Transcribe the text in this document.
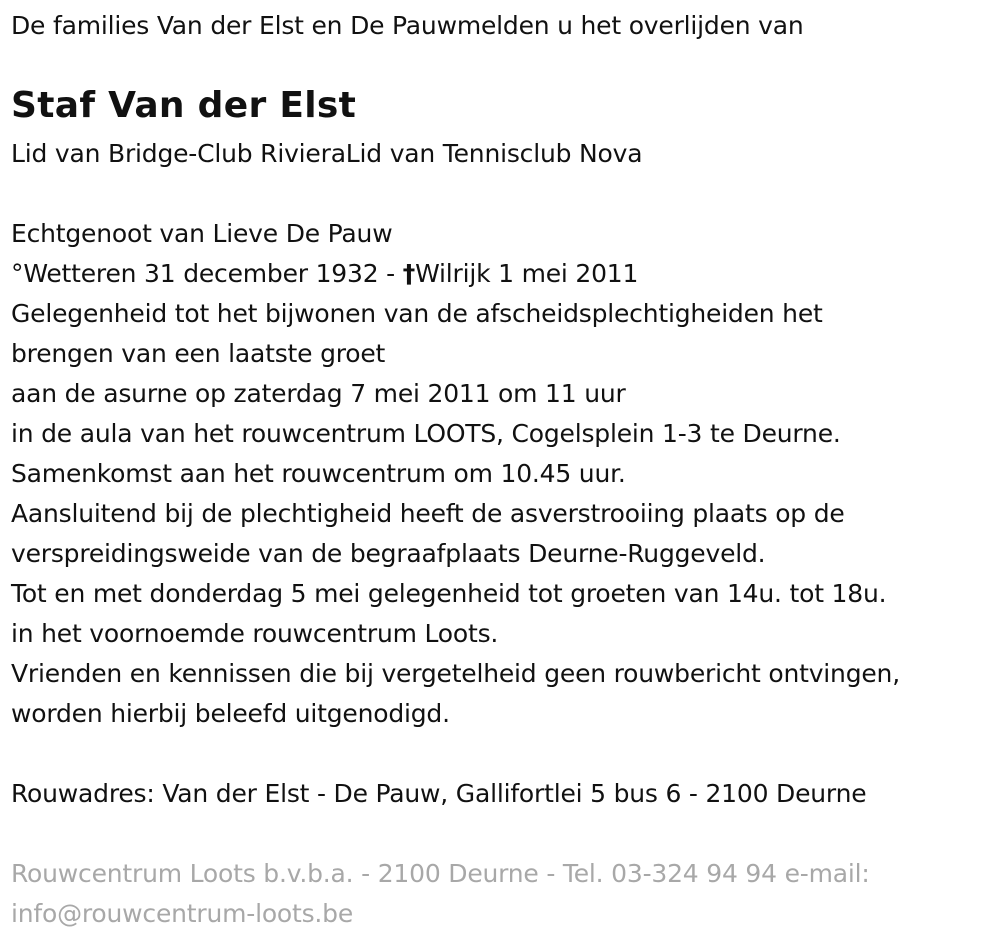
De families Van der Elst en De Pauwmelden u het overlijden van
Staf Van der Elst
Lid van Bridge-Club RivieraLid van Tennisclub Nova
Echtgenoot van Lieve De Pauw
°Wetteren 31 december 1932 - †Wilrijk 1 mei 2011
Gelegenheid tot het bijwonen van de afscheidsplechtigheiden het
brengen van een laatste groet
aan de asurne op zaterdag 7 mei 2011 om 11 uur
in de aula van het rouwcentrum LOOTS, Cogelsplein 1-3 te Deurne.
Samenkomst aan het rouwcentrum om 10.45 uur.
Aansluitend bij de plechtigheid heeft de asverstrooiing plaats op de
verspreidingsweide van de begraafplaats Deurne-Ruggeveld.
Tot en met donderdag 5 mei gelegenheid tot groeten van 14u. tot 18u.
in het voornoemde rouwcentrum Loots.
Vrienden en kennissen die bij vergetelheid geen rouwbericht ontvingen,
worden hierbij beleefd uitgenodigd.
Rouwadres: Van der Elst - De Pauw, Gallifortlei 5 bus 6 - 2100 Deurne
Rouwcentrum Loots b.v.b.a. - 2100 Deurne - Tel. 03-324 94 94 e-mail:
info@rouwcentrum-loots.be
